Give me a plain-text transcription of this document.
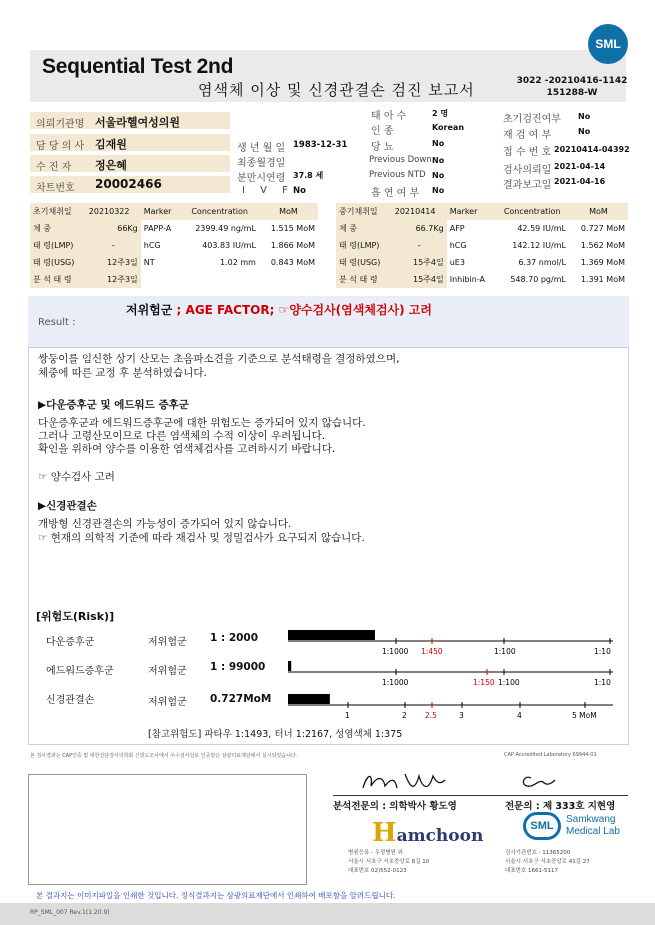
Sequential Test 2nd
염색체 이상 및 신경관결손 검진 보고서	3022 -20210416-1142
151288-W
SML
의뢰기관명 서울라헬여성의원
담 당 의 사 김재원
수 진 자 정은혜
차트번호 20002466
생 년 월 일 1983-12-31
최종월경일
분만시연령 37.8 세
I V F No
태 아 수	2 명
인 종	Korean
당 뇨	No
Previous Down No
Previous NTD No
흡 연 여 부 No
초기검진여부 No
재 검 여 부	No
접 수 번 호 20210414-04392
검사의뢰일 2021-04-14
결과보고일 2021-04-16
초기채취일	20210322	Marker	Concentration	MoM
체 중	66Kg	PAPP-A	2399.49 ng/mL	1.515 MoM
태 령(LMP)	-	hCG	403.83 IU/mL	1.866 MoM
태 령(USG)	12주3일	NT	1.02 mm	0.843 MoM
분 석 태 령	12주3일			
중기채취일	20210414	Marker	Concentration	MoM
체 중	66.7Kg	AFP	42.59 IU/mL	0.727 MoM
태 령(LMP)	-	hCG	142.12 IU/mL	1.562 MoM
태 령(USG)	15주4일	uE3	6.37 nmol/L	1.369 MoM
분 석 태 령	15주4일	Inhibin-A	548.70 pg/mL	1.391 MoM
Result :
저위험군 ; AGE FACTOR; ☞양수검사(염색체검사) 고려
쌍둥이를 임신한 상기 산모는 초음파소견을 기준으로 분석태령을 결정하였으며,
체중에 따른 교정 후 분석하였습니다.
▶다운증후군 및 에드워드 증후군
다운증후군과 에드워드증후군에 대한 위험도는 증가되어 있지 않습니다.
그러나 고령산모이므로 다른 염색체의 수적 이상이 우려됩니다.
확인을 위하여 양수를 이용한 염색체검사를 고려하시기 바랍니다.
☞ 양수검사 고려
▶신경관결손
개방형 신경관결손의 가능성이 증가되어 있지 않습니다.
☞ 현재의 의학적 기준에 따라 재검사 및 정밀검사가 요구되지 않습니다.
[위험도(Risk)]
다운증후군	저위험군 1 : 2000
1:1000 1:450	1:100	1:10
에드워드증후군	저위험군 1 : 99000
1:1000	1:150 1:100	1:10
신경관결손	저위험군 0.727MoM
1	2 2.5	3	4	5 MoM
[참고위험도] 파타우 1:1493, 터너 1:2167, 성염색체 1:375
본 검사결과는 CAP인증 및 대한진단검사의학회 신빙도조사에서 우수검사실로 인증받은 삼광의료재단에서 실시되었습니다.	CAP Accredited Laboratory 69944-01
Hwang	CL
분석전문의 : 의학박사 황도영	전문의 : 제 333호 지현영
Hamchoon	SML
Samkwang
Medical Lab
병원등록 : 우정병원 외
서울시 서초구 서초중앙로 8길 10
대표번호 02)552-0123
검사기관번호 : 11365200
서울시 서초구 서초중앙로 41길 27
대표번호 1661-5117
본 결과지는 이미지파일을 인쇄한 것입니다. 정식결과지는 삼광의료재단에서 인쇄하여 배포함을 알려드립니다.
RP_SML_007 Rev.1(1.20.9)
